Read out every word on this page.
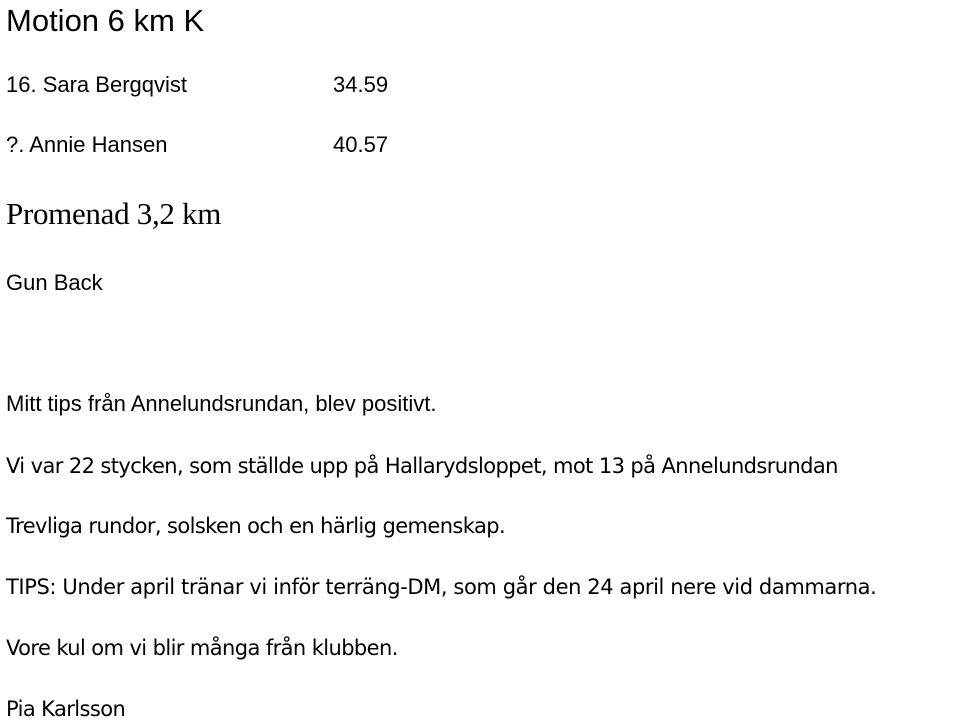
Motion 6 km K
16. Sara Bergqvist	34.59
?. Annie Hansen	40.57
Promenad 3,2 km
Gun Back
Mitt tips från Annelundsrundan, blev positivt.
Vi var 22 stycken, som ställde upp på Hallarydsloppet, mot 13 på Annelundsrundan
Trevliga rundor, solsken och en härlig gemenskap.
TIPS: Under april tränar vi inför terräng-DM, som går den 24 april nere vid dammarna.
Vore kul om vi blir många från klubben.
Pia Karlsson
